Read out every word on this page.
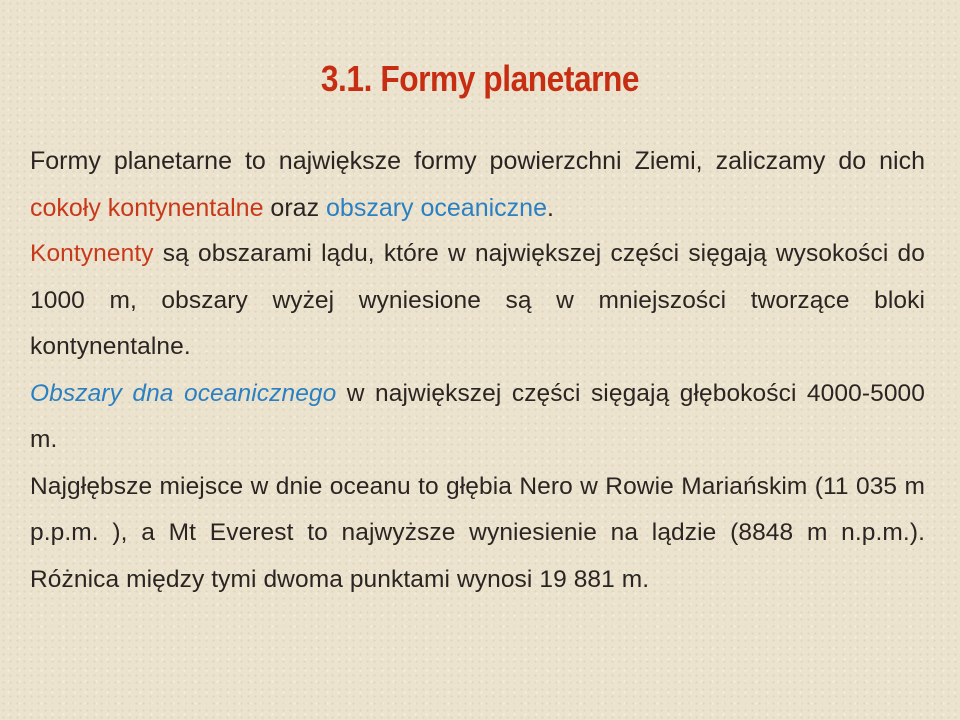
3.1. Formy planetarne

Formy planetarne to największe formy powierzchni Ziemi, zaliczamy do nich cokoły kontynentalne oraz obszary oceaniczne.

Kontynenty są obszarami lądu, które w największej części sięgają wysokości do 1000 m, obszary wyżej wyniesione są w mniejszości tworzące bloki kontynentalne.

Obszary dna oceanicznego w największej części sięgają głębokości 4000-5000 m.

Najgłębsze miejsce w dnie oceanu to głębia Nero w Rowie Mariańskim (11 035 m p.p.m. ), a Mt Everest to najwyższe wyniesienie na lądzie (8848 m n.p.m.). Różnica między tymi dwoma punktami wynosi 19 881 m.
